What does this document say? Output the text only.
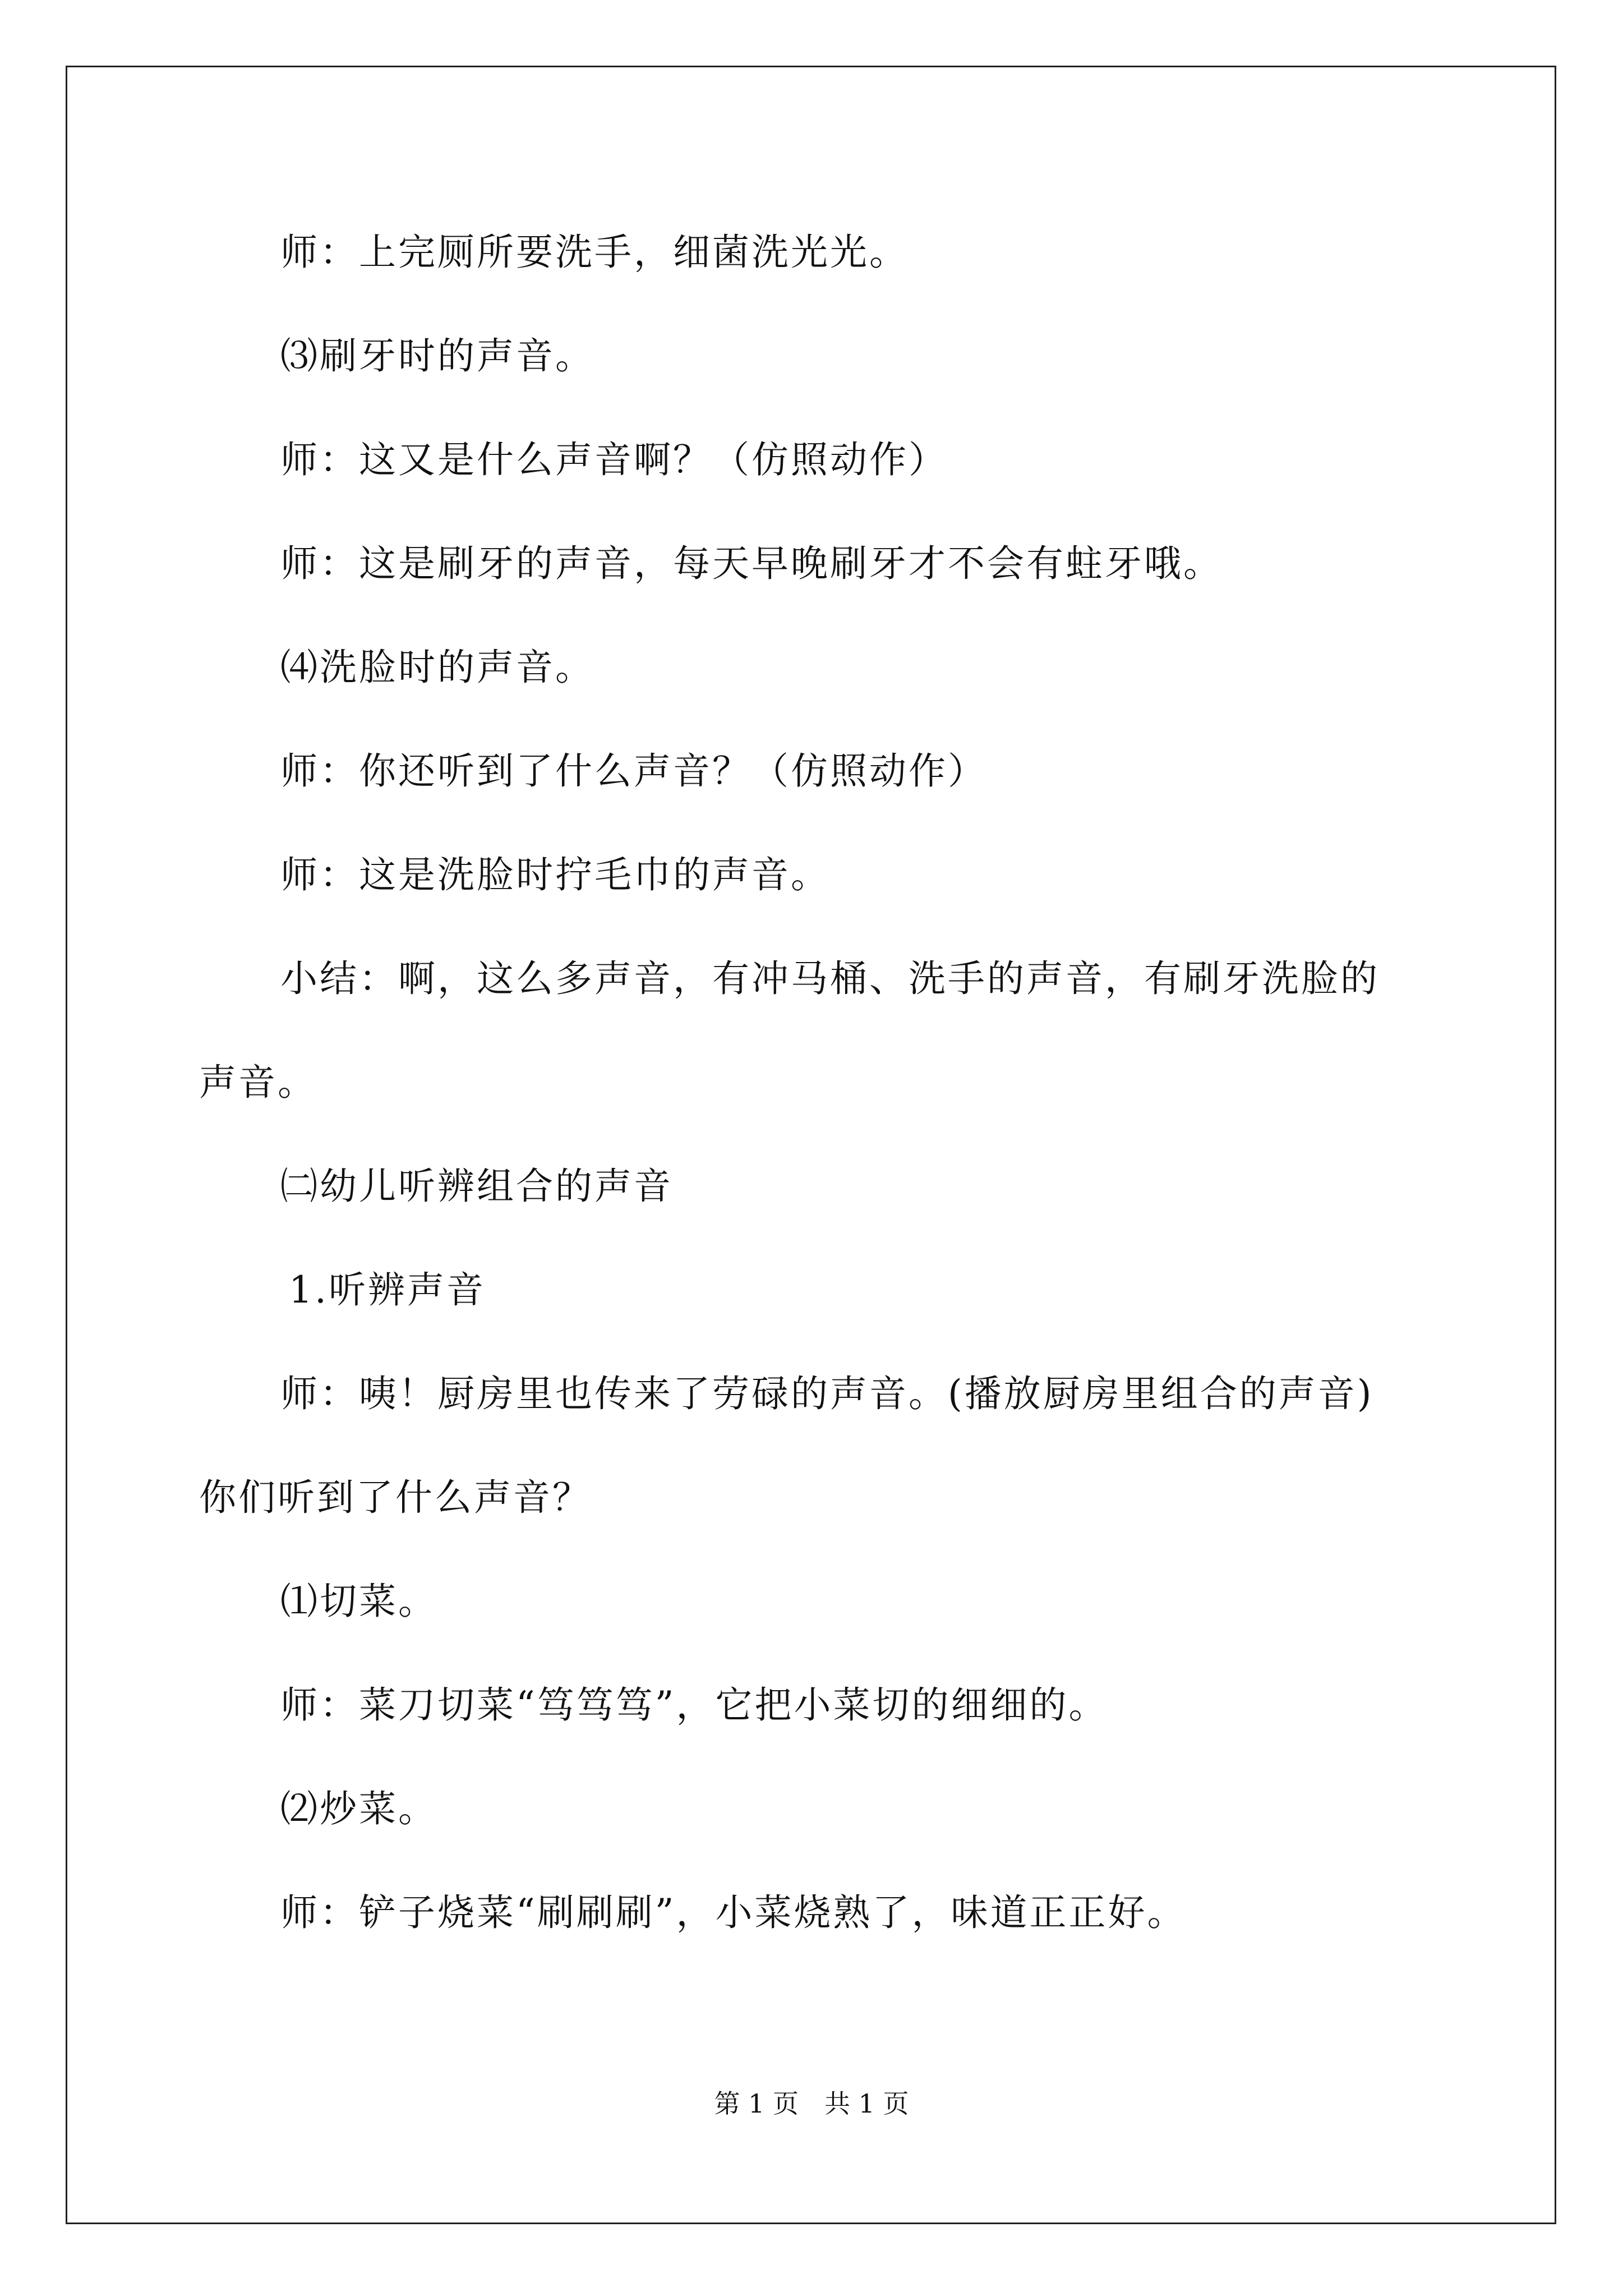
师：上完厕所要洗手，细菌洗光光。
⑶刷牙时的声音。
师：这又是什么声音啊？（仿照动作）
师：这是刷牙的声音，每天早晚刷牙才不会有蛀牙哦。
⑷洗脸时的声音。
师：你还听到了什么声音？（仿照动作）
师：这是洗脸时拧毛巾的声音。
小结：啊，这么多声音，有冲马桶、洗手的声音，有刷牙洗脸的
声音。
㈡幼儿听辨组合的声音
1.听辨声音
师：咦！厨房里也传来了劳碌的声音。(播放厨房里组合的声音)
你们听到了什么声音？
⑴切菜。
师：菜刀切菜“笃笃笃”，它把小菜切的细细的。
⑵炒菜。
师：铲子烧菜“刷刷刷”，小菜烧熟了，味道正正好。
第 1 页　共 1 页
